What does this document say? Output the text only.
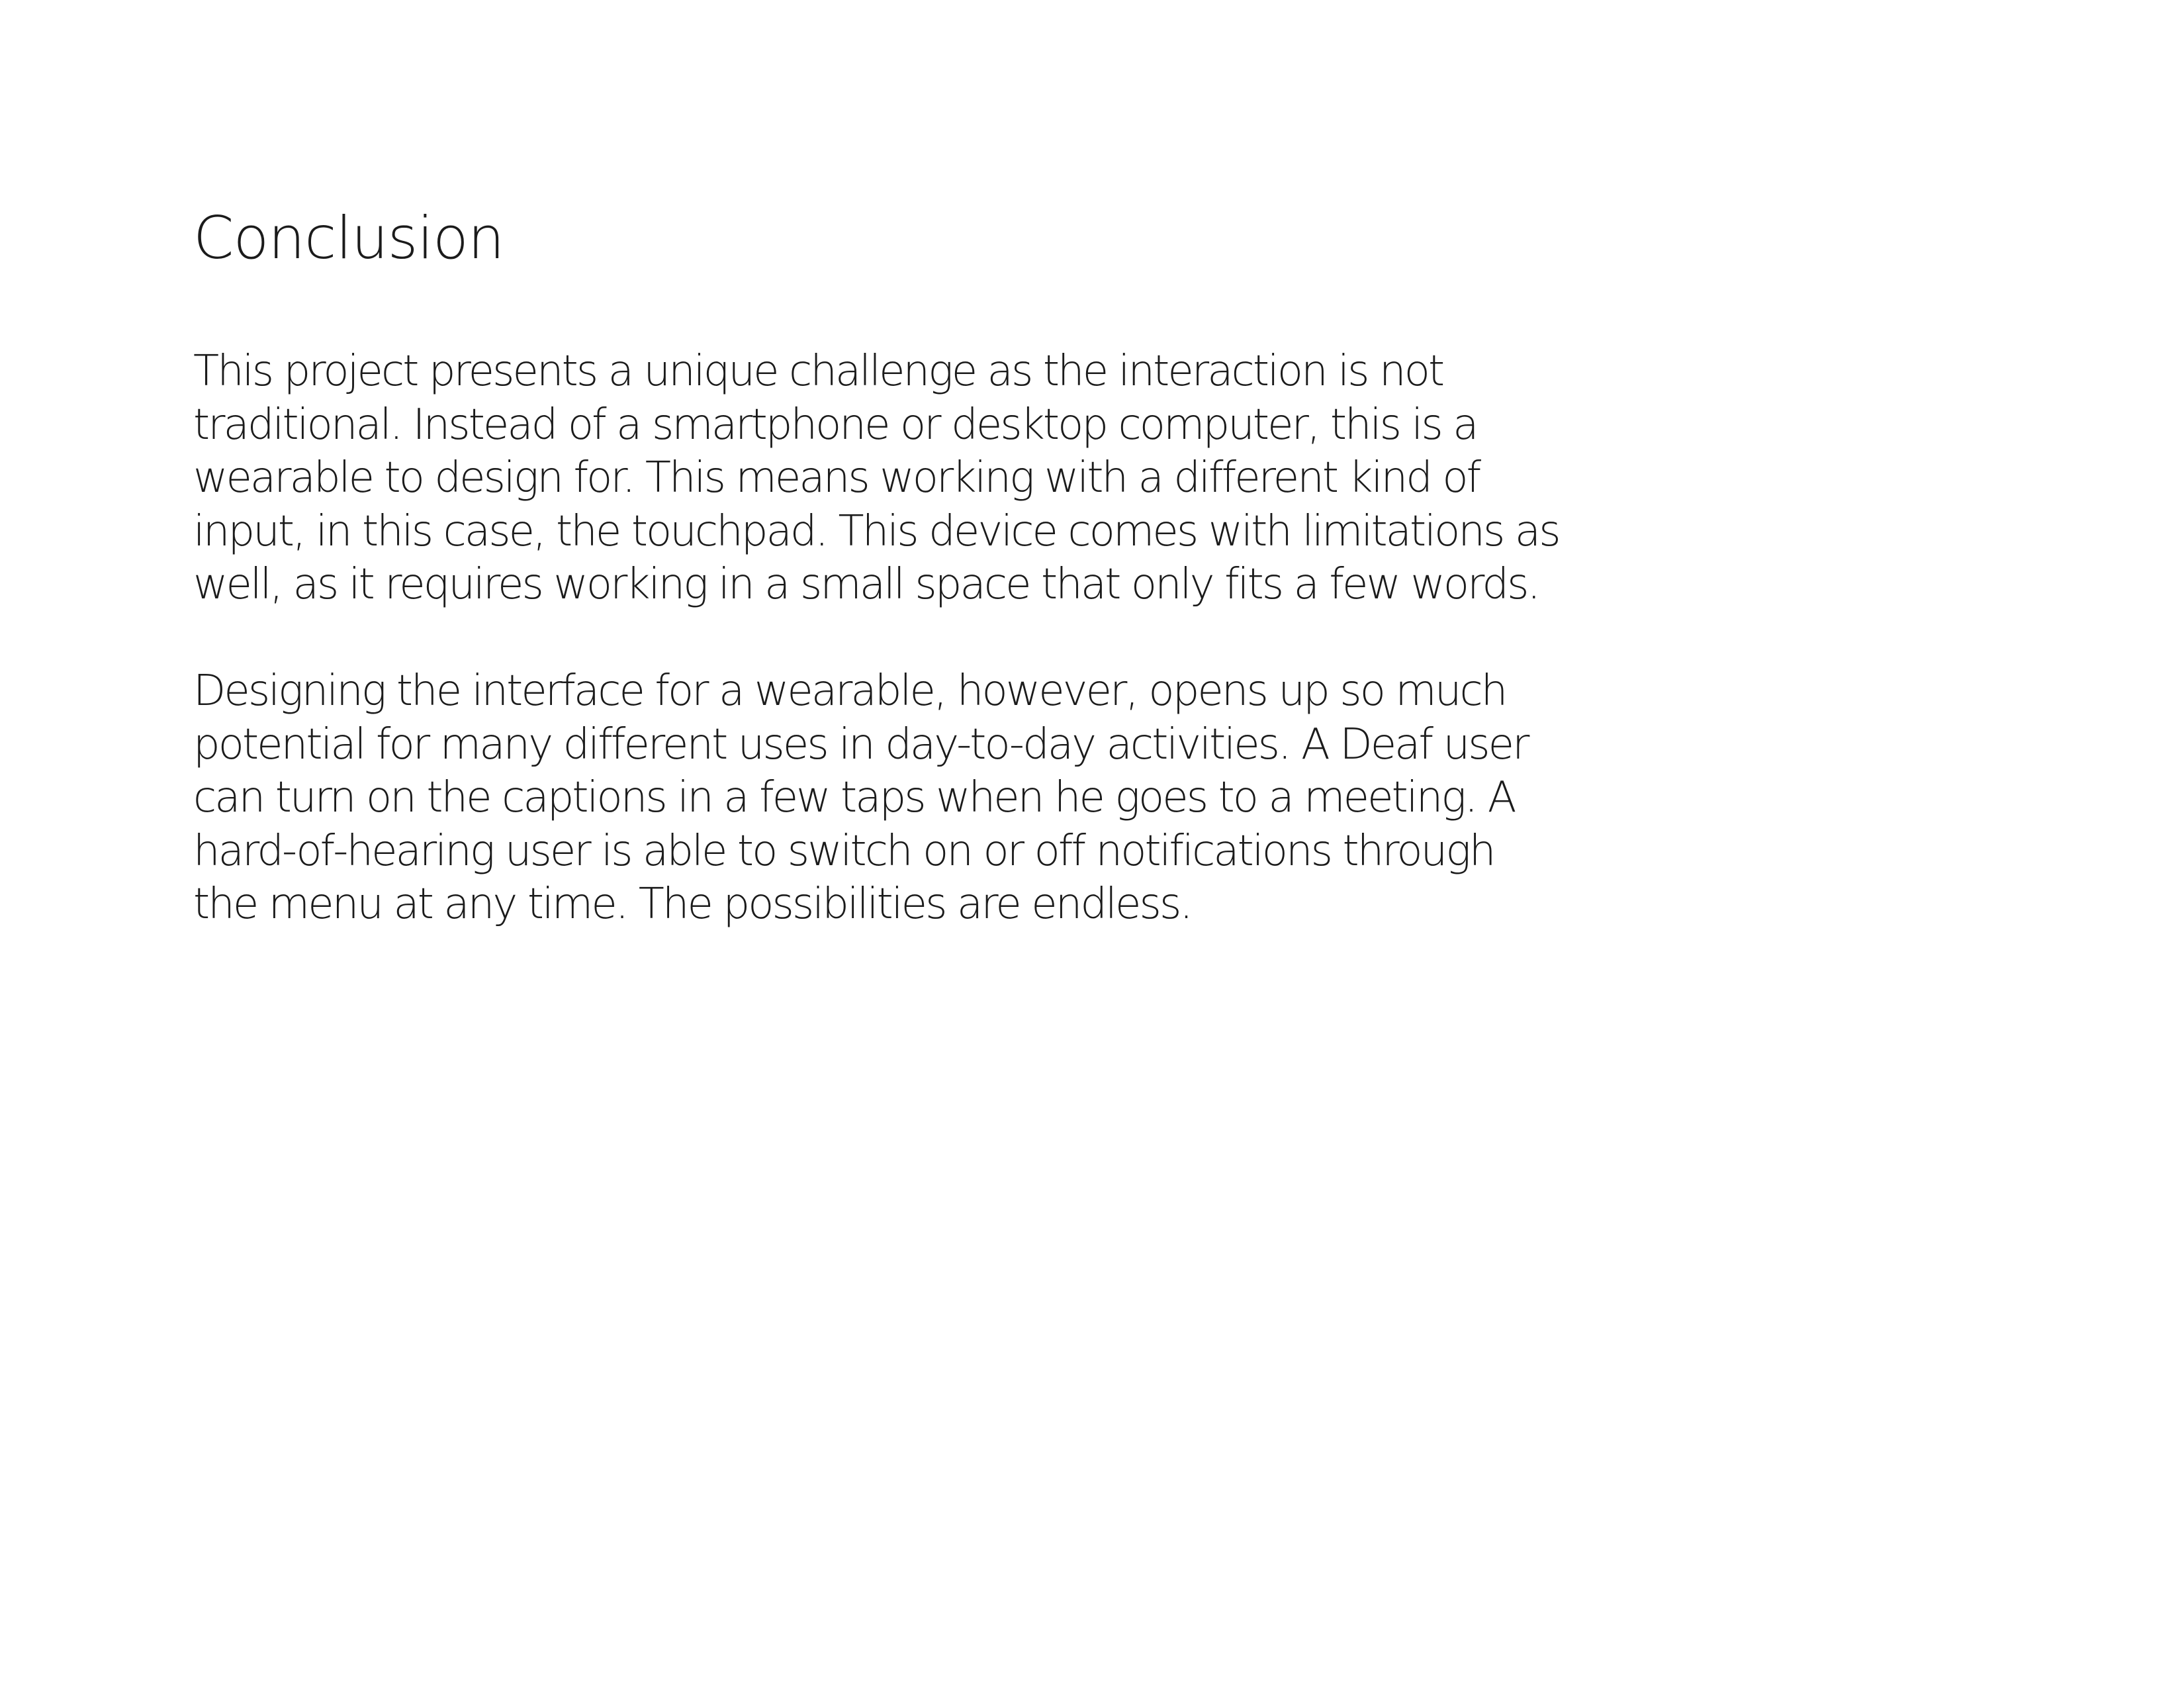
Conclusion

This project presents a unique challenge as the interaction is not
traditional. Instead of a smartphone or desktop computer, this is a
wearable to design for. This means working with a different kind of
input, in this case, the touchpad. This device comes with limitations as
well, as it requires working in a small space that only fits a few words.

Designing the interface for a wearable, however, opens up so much
potential for many different uses in day-to-day activities. A Deaf user
can turn on the captions in a few taps when he goes to a meeting. A
hard-of-hearing user is able to switch on or off notifications through
the menu at any time. The possibilities are endless.
